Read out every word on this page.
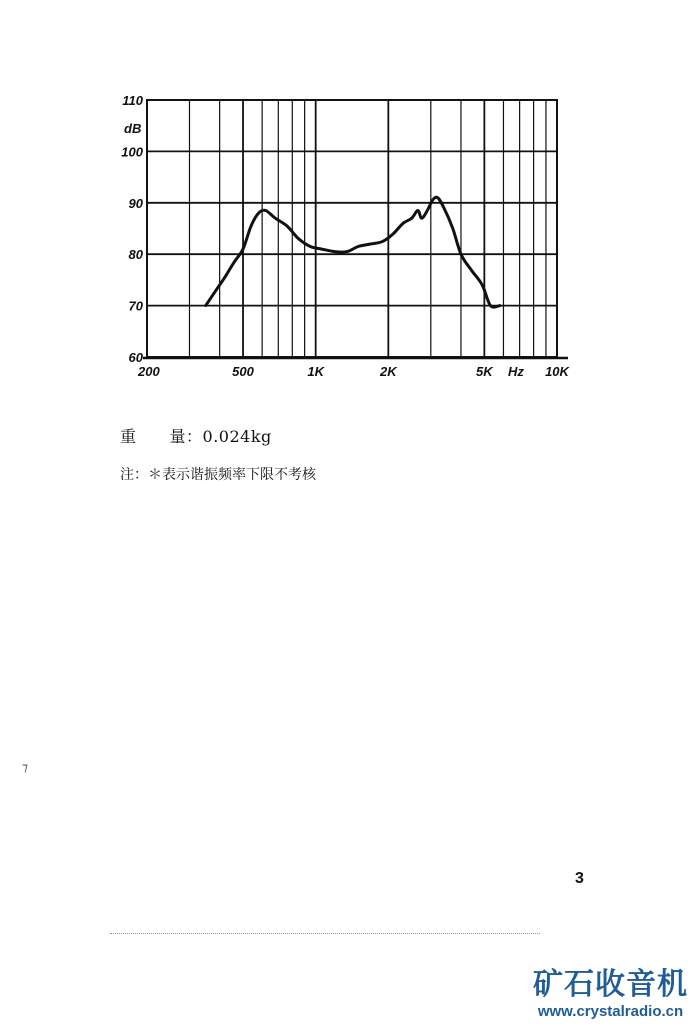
60
70
80
90
100
110
200	500	1K	2K	5K	10K
dB
Hz
重　　量：0.024kg
注：＊表示谐振频率下限不考核
3
⁊
矿石收音机
www.crystalradio.cn
